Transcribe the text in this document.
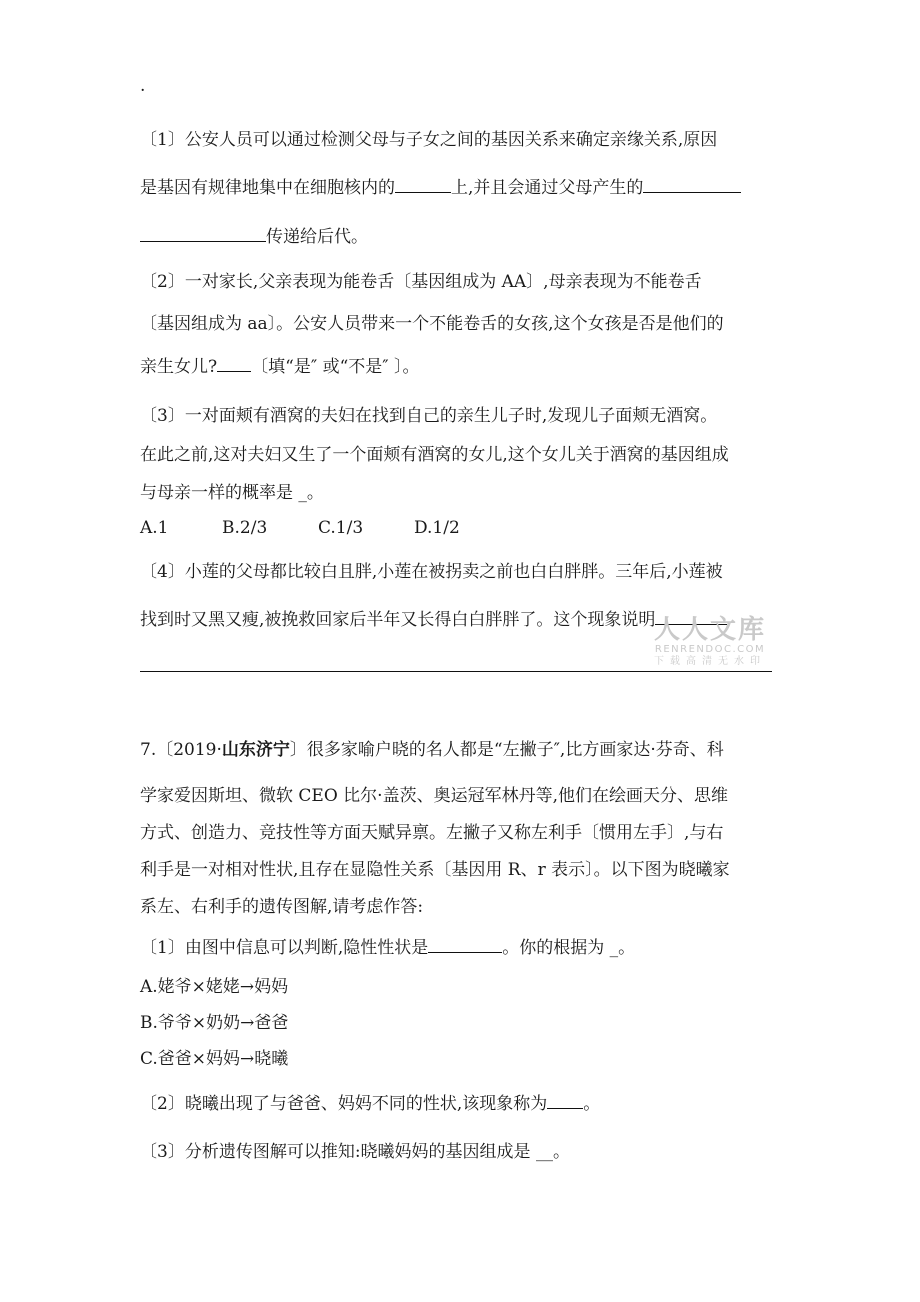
.
〔1〕公安人员可以通过检测父母与子女之间的基因关系来确定亲缘关系,原因
是基因有规律地集中在细胞核内的	上,并且会通过父母产生的
传递给后代。
〔2〕一对家长,父亲表现为能卷舌〔基因组成为 AA〕,母亲表现为不能卷舌
〔基因组成为 aa〕。公安人员带来一个不能卷舌的女孩,这个女孩是否是他们的
亲生女儿? 〔填“是″ 或“不是″ 〕。
〔3〕一对面颊有酒窝的夫妇在找到自己的亲生儿子时,发现儿子面颊无酒窝。
在此之前,这对夫妇又生了一个面颊有酒窝的女儿,这个女儿关于酒窝的基因组成
与母亲一样的概率是 _。
A.1	B.2/3	C.1/3	D.1/2
〔4〕小莲的父母都比较白且胖,小莲在被拐卖之前也白白胖胖。三年后,小莲被
找到时又黑又瘦,被挽救回家后半年又长得白白胖胖了。这个现象说明
人人文库
RENRENDOC.COM
下载高清无水印
7.〔2019·山东济宁〕很多家喻户晓的名人都是“左撇子″,比方画家达·芬奇、科
学家爱因斯坦、微软 CEO 比尔·盖茨、奥运冠军林丹等,他们在绘画天分、思维
方式、创造力、竞技性等方面天赋异禀。左撇子又称左利手〔惯用左手〕,与右
利手是一对相对性状,且存在显隐性关系〔基因用 R、r 表示〕。以下图为晓曦家
系左、右利手的遗传图解,请考虑作答:
〔1〕由图中信息可以判断,隐性性状是	。你的根据为 _。
A.姥爷×姥姥→妈妈
B.爷爷×奶奶→爸爸
C.爸爸×妈妈→晓曦
〔2〕晓曦出现了与爸爸、妈妈不同的性状,该现象称为 。
〔3〕分析遗传图解可以推知:晓曦妈妈的基因组成是 __。
